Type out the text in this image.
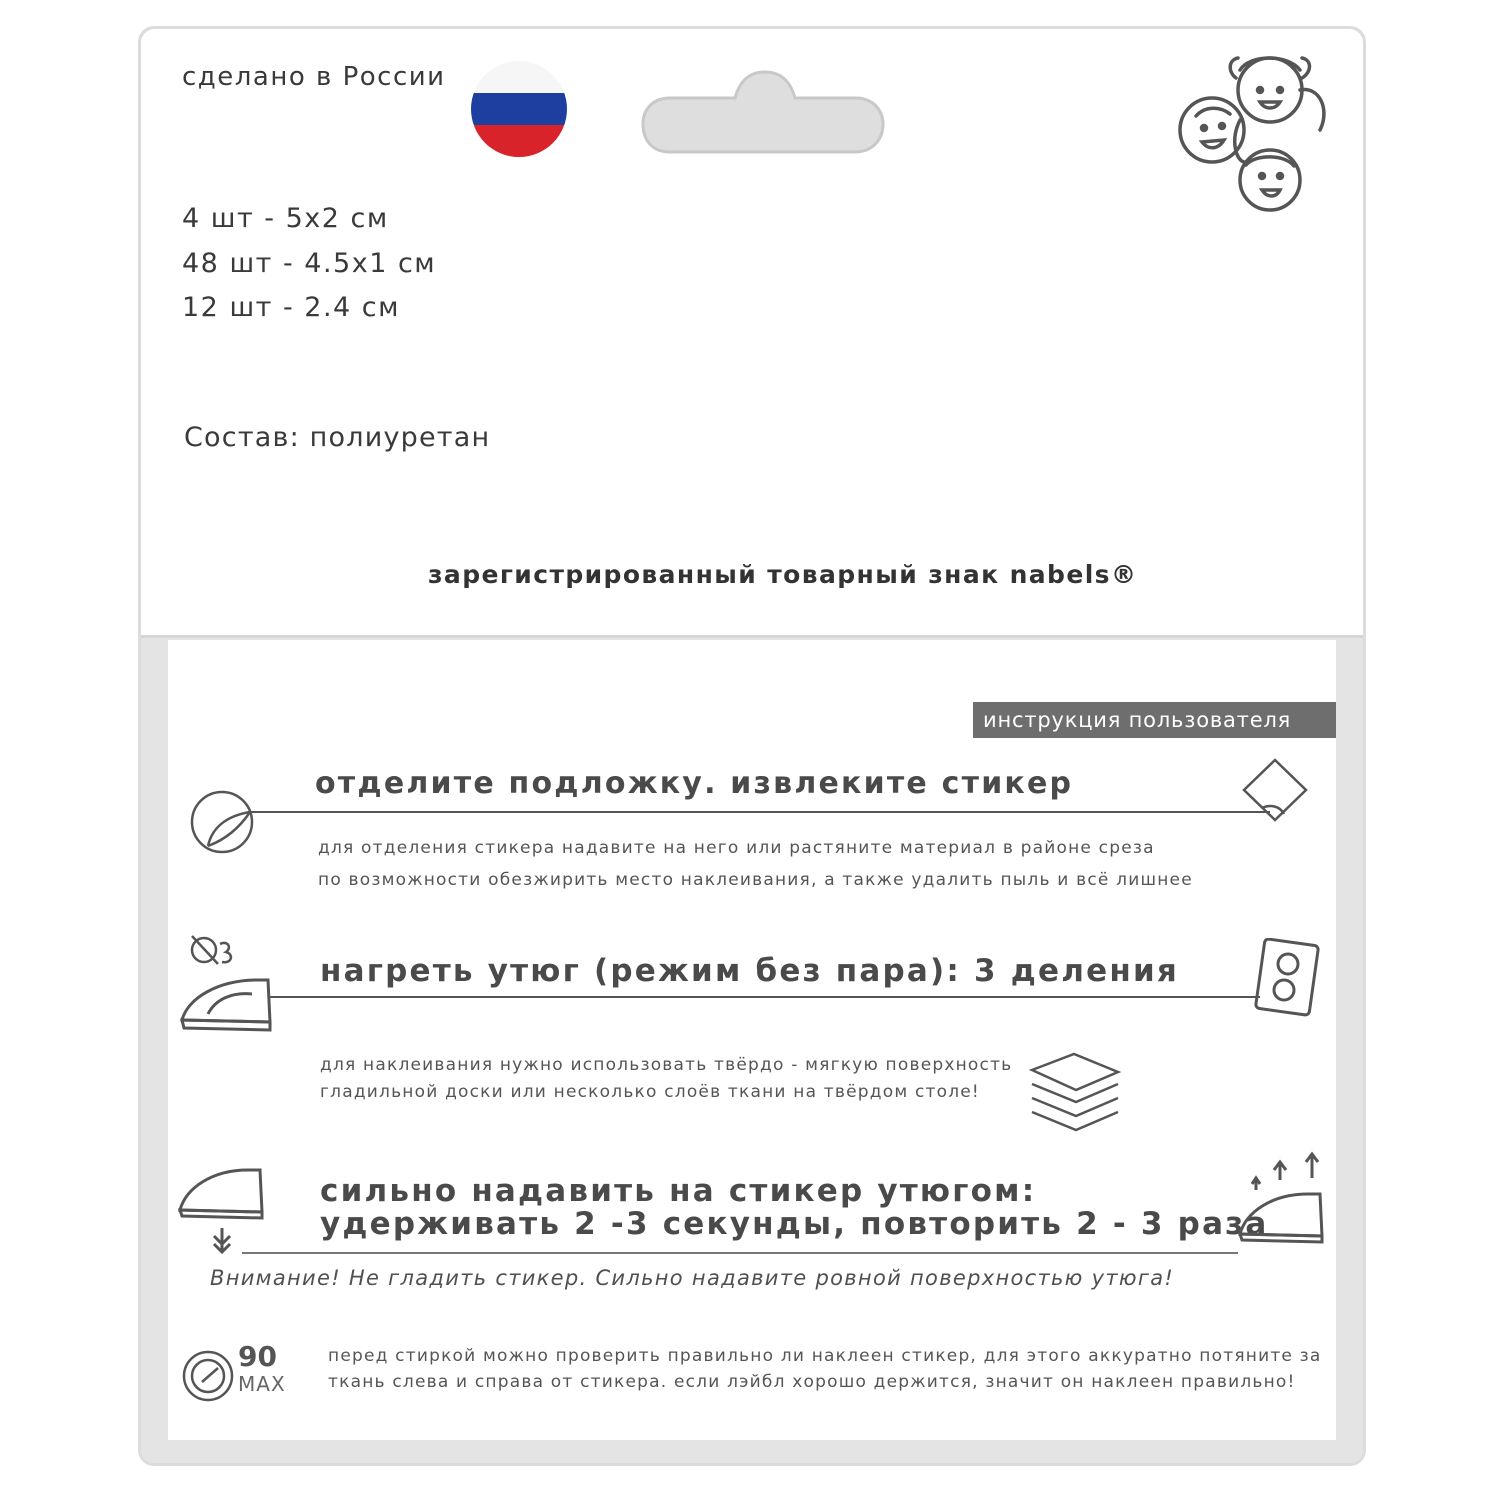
сделано в России
4 шт - 5х2 см
48 шт - 4.5х1 см
12 шт - 2.4 см
Состав: полиуретан
зарегистрированный товарный знак nabels®
инструкция пользователя
отделите подложку. извлеките стикер
для отделения стикера надавите на него или растяните материал в районе среза
по возможности обезжирить место наклеивания, а также удалить пыль и всё лишнее
нагреть утюг (режим без пара): 3 деления
для наклеивания нужно использовать твёрдо - мягкую поверхность
гладильной доски или несколько слоёв ткани на твёрдом столе!
сильно надавить на стикер утюгом:
удерживать 2 -3 секунды, повторить 2 - 3 раза
Внимание! Не гладить стикер. Сильно надавите ровной поверхностью утюга!
90
MAX
перед стиркой можно проверить правильно ли наклеен стикер, для этого аккуратно потяните за
ткань слева и справа от стикера. если лэйбл хорошо держится, значит он наклеен правильно!
